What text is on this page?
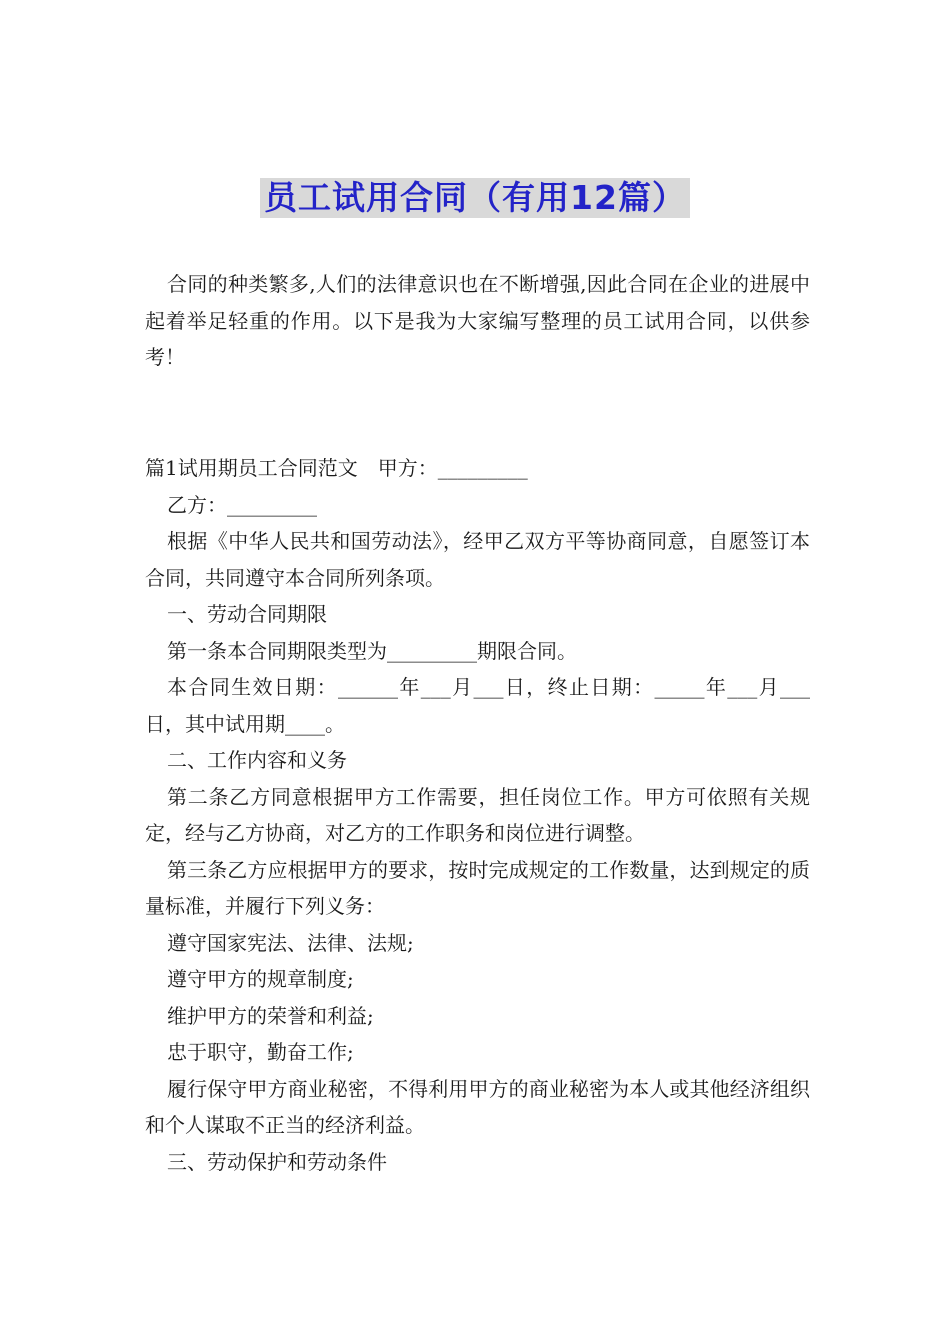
员工试用合同（有用12篇）

合同的种类繁多,人们的法律意识也在不断增强,因此合同在企业的进展中起着举足轻重的作用。以下是我为大家编写整理的员工试用合同，以供参考！

篇1试用期员工合同范文　甲方：_________

乙方：_________

根据《中华人民共和国劳动法》，经甲乙双方平等协商同意，自愿签订本合同，共同遵守本合同所列条项。

一、劳动合同期限

第一条本合同期限类型为_________期限合同。

本合同生效日期：______年___月___日，终止日期：_____年___月___日，其中试用期____。

二、工作内容和义务

第二条乙方同意根据甲方工作需要，担任岗位工作。甲方可依照有关规定，经与乙方协商，对乙方的工作职务和岗位进行调整。

第三条乙方应根据甲方的要求，按时完成规定的工作数量，达到规定的质量标准，并履行下列义务：

遵守国家宪法、法律、法规;

遵守甲方的规章制度;

维护甲方的荣誉和利益;

忠于职守，勤奋工作;

履行保守甲方商业秘密，不得利用甲方的商业秘密为本人或其他经济组织和个人谋取不正当的经济利益。

三、劳动保护和劳动条件
